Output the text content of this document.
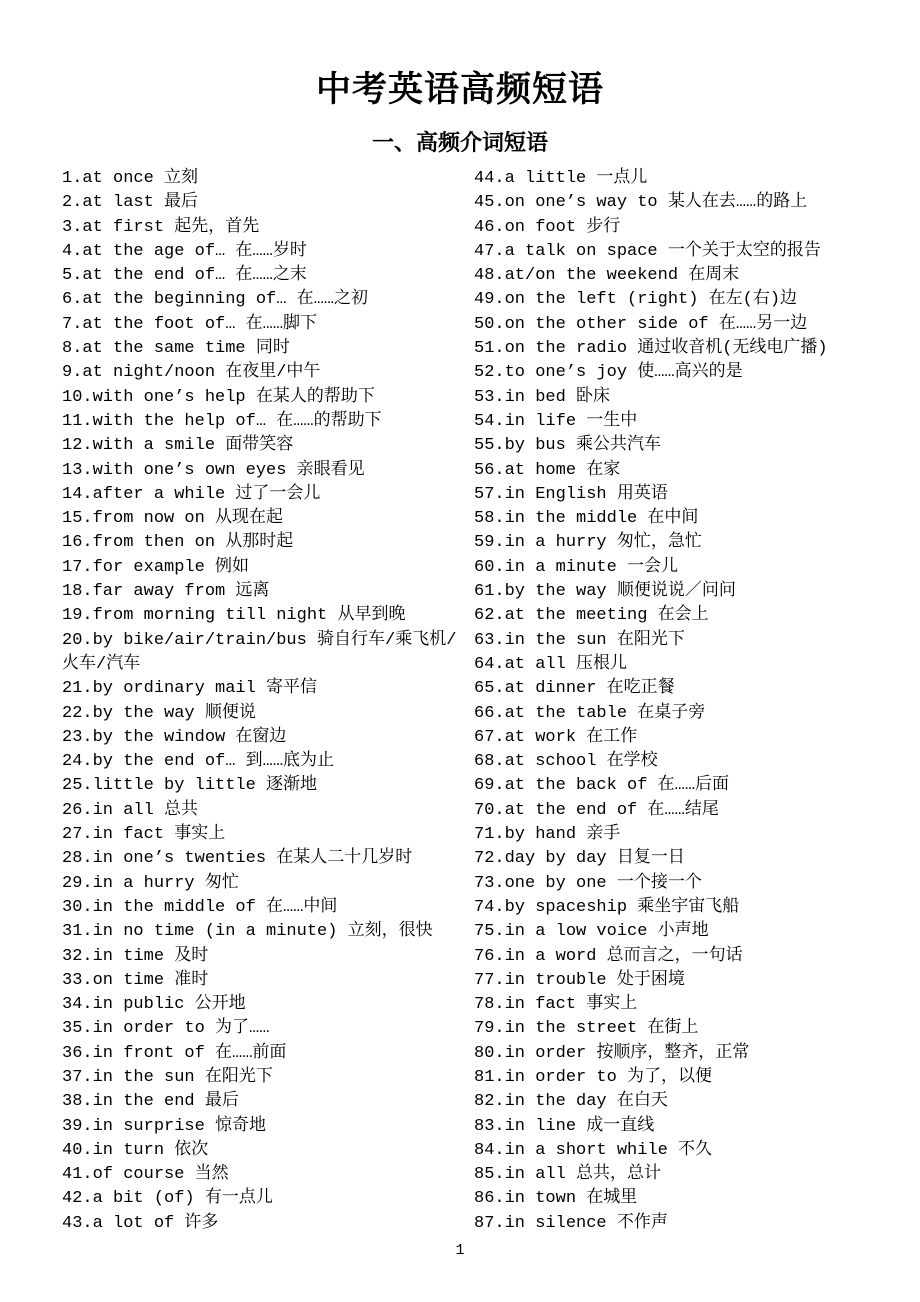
中考英语高频短语
一、高频介词短语
1.at once 立刻
2.at last 最后
3.at first 起先，首先
4.at the age of… 在……岁时
5.at the end of… 在……之末
6.at the beginning of… 在……之初
7.at the foot of… 在……脚下
8.at the same time 同时
9.at night/noon 在夜里/中午
10.with one’s help 在某人的帮助下
11.with the help of… 在……的帮助下
12.with a smile 面带笑容
13.with one’s own eyes 亲眼看见
14.after a while 过了一会儿
15.from now on 从现在起
16.from then on 从那时起
17.for example 例如
18.far away from 远离
19.from morning till night 从早到晚
20.by bike/air/train/bus 骑自行车/乘飞机/火车/汽车
21.by ordinary mail 寄平信
22.by the way 顺便说
23.by the window 在窗边
24.by the end of… 到……底为止
25.little by little 逐渐地
26.in all 总共
27.in fact 事实上
28.in one’s twenties 在某人二十几岁时
29.in a hurry 匆忙
30.in the middle of 在……中间
31.in no time (in a minute) 立刻，很快
32.in time 及时
33.on time 准时
34.in public 公开地
35.in order to 为了……
36.in front of 在……前面
37.in the sun 在阳光下
38.in the end 最后
39.in surprise 惊奇地
40.in turn 依次
41.of course 当然
42.a bit (of) 有一点儿
43.a lot of 许多
44.a little 一点儿
45.on one’s way to 某人在去……的路上
46.on foot 步行
47.a talk on space 一个关于太空的报告
48.at/on the weekend 在周末
49.on the left (right) 在左(右)边
50.on the other side of 在……另一边
51.on the radio 通过收音机(无线电广播)
52.to one’s joy 使……高兴的是
53.in bed 卧床
54.in life 一生中
55.by bus 乘公共汽车
56.at home 在家
57.in English 用英语
58.in the middle 在中间
59.in a hurry 匆忙，急忙
60.in a minute 一会儿
61.by the way 顺便说说／问问
62.at the meeting 在会上
63.in the sun 在阳光下
64.at all 压根儿
65.at dinner 在吃正餐
66.at the table 在桌子旁
67.at work 在工作
68.at school 在学校
69.at the back of 在……后面
70.at the end of 在……结尾
71.by hand 亲手
72.day by day 日复一日
73.one by one 一个接一个
74.by spaceship 乘坐宇宙飞船
75.in a low voice 小声地
76.in a word 总而言之，一句话
77.in trouble 处于困境
78.in fact 事实上
79.in the street 在街上
80.in order 按顺序，整齐，正常
81.in order to 为了，以便
82.in the day 在白天
83.in line 成一直线
84.in a short while 不久
85.in all 总共，总计
86.in town 在城里
87.in silence 不作声
1
